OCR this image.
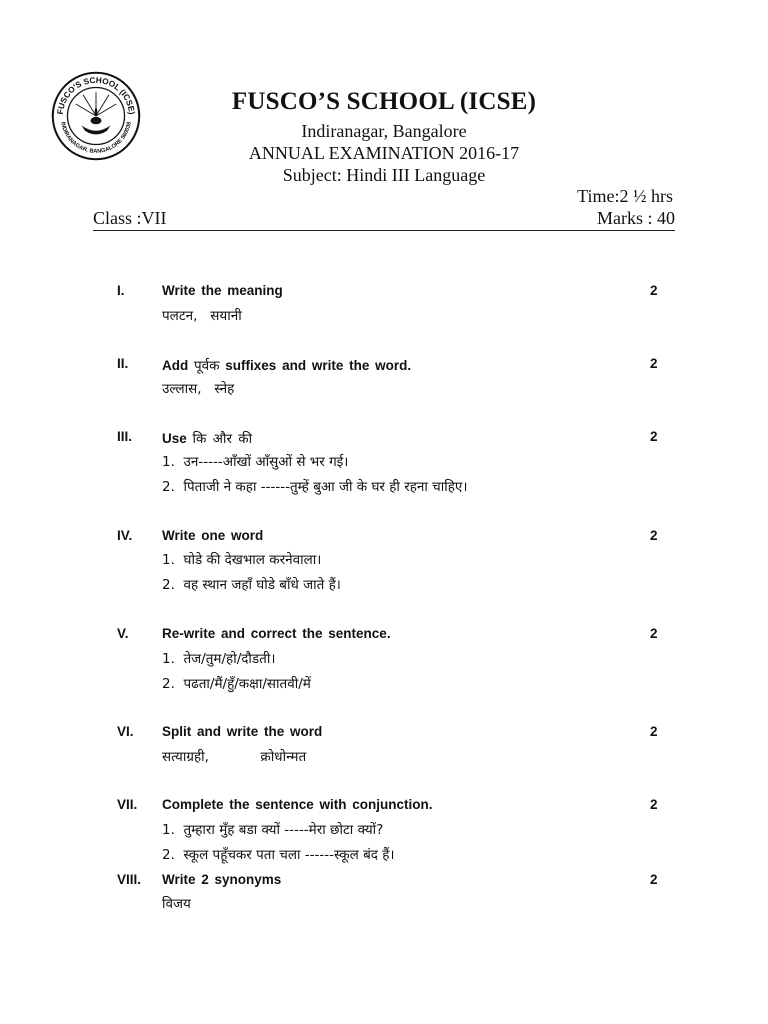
FUSCO'S SCHOOL (ICSE)
INDIRANAGAR, BANGALORE 560038
FUSCO’S SCHOOL (ICSE)
Indiranagar, Bangalore
ANNUAL EXAMINATION 2016-17
Subject: Hindi III Language
Time:2 ½ hrs
Class :VII	Marks : 40
I.	Write the meaning	2
पलटन,   सयानी
II. Add पूर्वक suffixes and write the word.	2
उल्लास,   स्नेह
III. Use कि और की	2
1.  उन-----आँखों आँसुओं से भर गई।
2.  पिताजी ने कहा ------तुम्हें बुआ जी के घर ही रहना चाहिए।
IV. Write one word	2
1.  घोडे की देखभाल करनेवाला।
2.  वह स्थान जहाँ घोडे बाँधे जाते हैं।
V. Re-write and correct the sentence.	2
1.  तेज/तुम/हो/दौडती।
2.  पढता/मैं/हुँ/कक्षा/सातवी/में
VI. Split and write the word	2
सत्याग्रही,            क्रोधोन्मत
VII. Complete the sentence with conjunction.	2
1.  तुम्हारा मुँह बडा क्यों -----मेरा छोटा क्यों?
2.  स्कूल पहूँचकर पता चला ------स्कूल बंद हैं।
VIII. Write 2 synonyms	2
विजय
